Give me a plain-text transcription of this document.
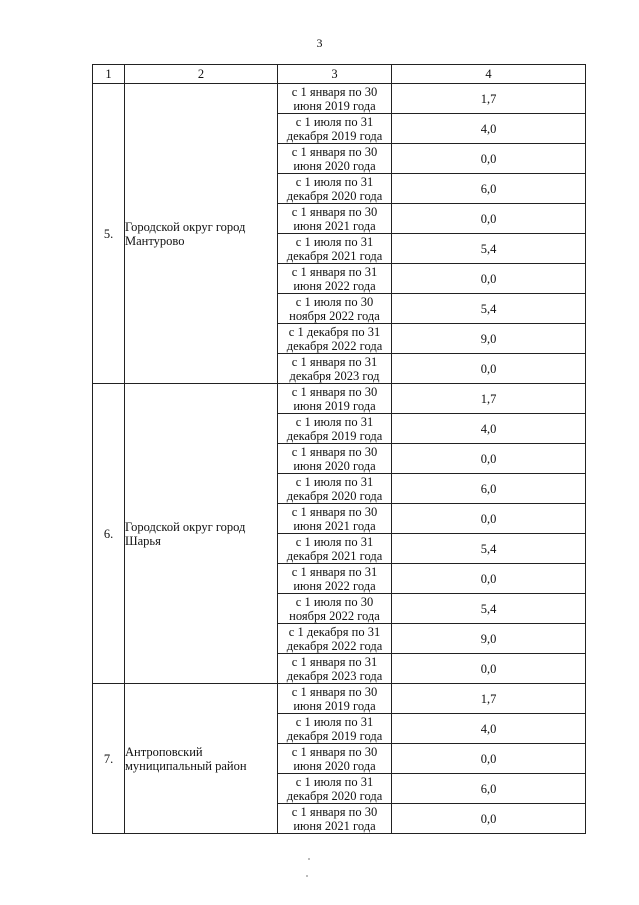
3
1	2	3	4
5.	Городской округ город Мантурово	с 1 января по 30
июня 2019 года	1,7

		с 1 июля по 31
декабря 2019 года	4,0

		с 1 января по 30
июня 2020 года	0,0

		с 1 июля по 31
декабря 2020 года	6,0

		с 1 января по 30
июня 2021 года	0,0

		с 1 июля по 31
декабря 2021 года	5,4

		с 1 января по 31
июня 2022 года	0,0

		с 1 июля по 30
ноября 2022 года	5,4

		с 1 декабря по 31
декабря 2022 года	9,0

		с 1 января по 31
декабря 2023 год	0,0
6.	Городской округ город Шарья	с 1 января по 30
июня 2019 года	1,7

		с 1 июля по 31
декабря 2019 года	4,0

		с 1 января по 30
июня 2020 года	0,0

		с 1 июля по 31
декабря 2020 года	6,0

		с 1 января по 30
июня 2021 года	0,0

		с 1 июля по 31
декабря 2021 года	5,4

		с 1 января по 31
июня 2022 года	0,0

		с 1 июля по 30
ноября 2022 года	5,4

		с 1 декабря по 31
декабря 2022 года	9,0

		с 1 января по 31
декабря 2023 года	0,0
7.	Антроповский муниципальный район	с 1 января по 30
июня 2019 года	1,7

		с 1 июля по 31
декабря 2019 года	4,0

		с 1 января по 30
июня 2020 года	0,0

		с 1 июля по 31
декабря 2020 года	6,0

		с 1 января по 30
июня 2021 года	0,0
